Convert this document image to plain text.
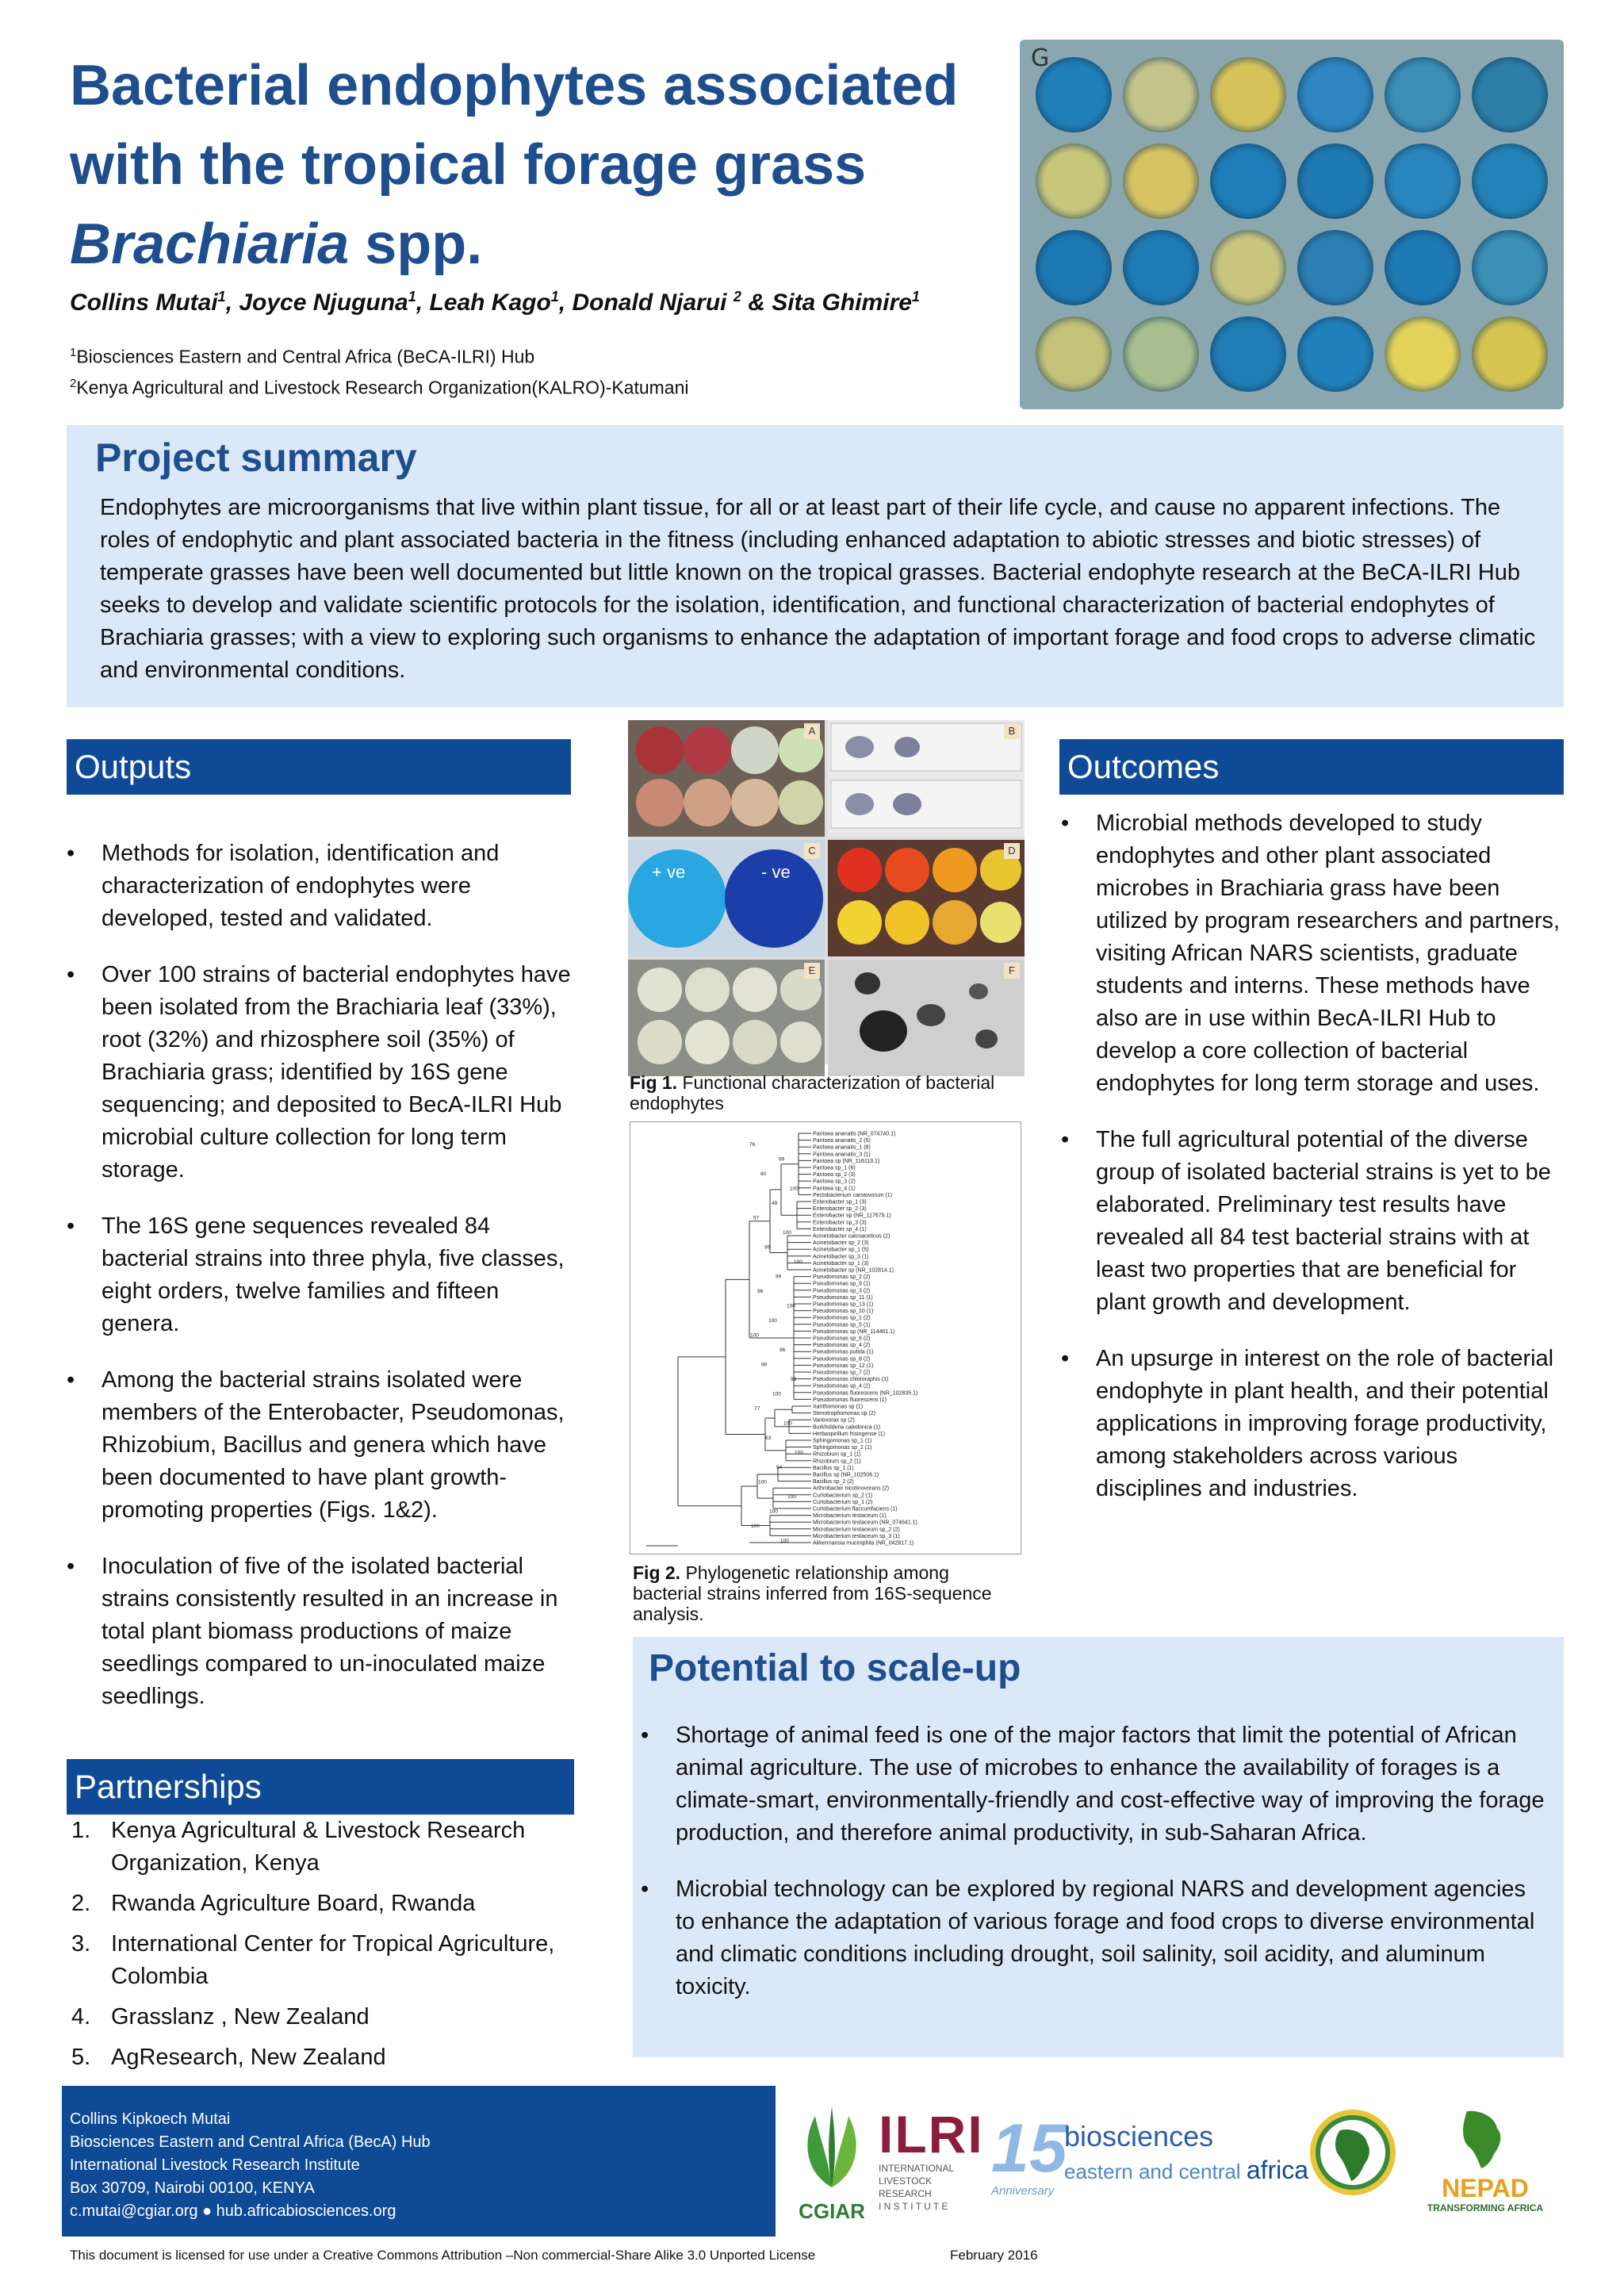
Bacterial endophytes associated
with the tropical forage grass
Brachiaria spp.
Collins Mutai$^1$, Joyce Njuguna$^1$, Leah Kago$^1$, Donald Njarui $^2$ & Sita Ghimire$^1$
$^1$Biosciences Eastern and Central Africa (BeCA-ILRI) Hub
$^2$Kenya Agricultural and Livestock Research Organization(KALRO)-Katumani
G
Project summary
Endophytes are microorganisms that live within plant tissue, for all or at least part of their life cycle, and cause no apparent infections. The roles of endophytic and plant associated bacteria in the fitness (including enhanced adaptation to abiotic stresses and biotic stresses) of temperate grasses have been well documented but little known on the tropical grasses. Bacterial endophyte research at the BeCA-ILRI Hub seeks to develop and validate scientific protocols for the isolation, identification, and functional characterization of bacterial endophytes of Brachiaria grasses; with a view to exploring such organisms to enhance the adaptation of important forage and food crops to adverse climatic and environmental conditions.
Outputs
• Methods for isolation, identification and characterization of endophytes were developed, tested and validated.
• Over 100 strains of bacterial endophytes have been isolated from the Brachiaria leaf (33%), root (32%) and rhizosphere soil (35%) of Brachiaria grass; identified by 16S gene sequencing; and deposited to BecA-ILRI Hub microbial culture collection for long term storage.
• The 16S gene sequences revealed 84 bacterial strains into three phyla, five classes, eight orders, twelve families and fifteen genera.
• Among the bacterial strains isolated were members of the Enterobacter, Pseudomonas, Rhizobium, Bacillus and genera which have been documented to have plant growth-promoting properties (Figs. 1&2).
• Inoculation of five of the isolated bacterial strains consistently resulted in an increase in total plant biomass productions of maize seedlings compared to un-inoculated maize seedlings.
Partnerships
1. Kenya Agricultural & Livestock Research Organization, Kenya
2. Rwanda Agriculture Board, Rwanda
3. International Center for Tropical Agriculture, Colombia
4. Grasslanz , New Zealand
5. AgResearch, New Zealand
A	B
+ ve	- ve
C	D
E	F
Fig 1. Functional characterization of bacterial endophytes
Pantoea ananatis (NR_074740.1)
Pantoea ananatis_2 (5)
Pantoea ananatis_1 (8)
Pantoea ananatis_3 (1)
Pantoea sp (NR_116113.1)
Pantoea sp_1 (6)
Pantoea sp_2 (3)
Pantoea sp_3 (2)
Pantoea sp_4 (1)
Pectobacterium carotovorum (1)
Enterobacter sp_1 (3)
Enterobacter sp_2 (3)
Enterobacter sp (NR_117679.1)
Enterobacter sp_3 (3)
Enterobacter sp_4 (1)
Acinetobacter calcoaceticus (2)
Acinetobacter sp_2 (3)
Acinetobacter sp_1 (5)
Acinetobacter sp_3 (1)
Acinetobacter sp_1 (3)
Acinetobacter sp (NR_102814.1)
Pseudomonas sp_2 (2)
Pseudomonas sp_9 (1)
Pseudomonas sp_3 (2)
Pseudomonas sp_11 (1)
Pseudomonas sp_13 (1)
Pseudomonas sp_10 (1)
Pseudomonas sp_1 (2)
Pseudomonas sp_5 (1)
Pseudomonas sp (NR_114461.1)
Pseudomonas sp_6 (2)
Pseudomonas sp_4 (2)
Pseudomonas putida (1)
Pseudomonas sp_8 (2)
Pseudomonas sp_12 (1)
Pseudomonas sp_7 (2)
Pseudomonas chlororaphis (1)
Pseudomonas sp_4 (2)
Pseudomonas fluorescens (NR_102835.1)
Pseudomonas fluorescens (1)
Xanthomonas sp (1)
Stenotrophomonas sp (2)
Variovorax sp (2)
Burkholderia caledonica (1)
Herbaspirillum frisingense (1)
Sphingomonas sp_1 (1)
Sphingomonas sp_2 (1)
Rhizobium sp_1 (1)
Rhizobium sp_2 (1)
Bacillus sp_1 (1)
Bacillus sp (NR_102506.1)
Bacillus sp_2 (2)
Arthrobacter nicotinovorans (2)
Curtobacterium sp_2 (1)
Curtobacterium sp_1 (2)
Curtobacterium flaccumfaciens (1)
Microbacterium testaceum (1)
Microbacterium testaceum (NR_074641.1)
Microbacterium testaceum sp_2 (2)
Microbacterium testaceum sp_3 (1)
Akkermansia muciniphila (NR_042817.1)
76
99
80
100
48
57
100
99
100
99
96
100
100
100
96
98
99
100
77
100
63
100
94
100
100
100
100
100
Fig 2. Phylogenetic relationship among bacterial strains inferred from 16S-sequence analysis.
Outcomes
• Microbial methods developed to study endophytes and other plant associated microbes in Brachiaria grass have been utilized by program researchers and partners, visiting African NARS scientists, graduate students and interns. These methods have also are in use within BecA-ILRI Hub to develop a core collection of bacterial endophytes for long term storage and uses.
• The full agricultural potential of the diverse group of isolated bacterial strains is yet to be elaborated. Preliminary test results have revealed all 84 test bacterial strains with at least two properties that are beneficial for plant growth and development.
• An upsurge in interest on the role of bacterial endophyte in plant health, and their potential applications in improving forage productivity, among stakeholders across various disciplines and industries.
Potential to scale-up
• Shortage of animal feed is one of the major factors that limit the potential of African animal agriculture. The use of microbes to enhance the availability of forages is a climate-smart, environmentally-friendly and cost-effective way of improving the forage production, and therefore animal productivity, in sub-Saharan Africa.
• Microbial technology can be explored by regional NARS and development agencies to enhance the adaptation of various forage and food crops to diverse environmental and climatic conditions including drought, soil salinity, soil acidity, and aluminum toxicity.
Collins Kipkoech Mutai
Biosciences Eastern and Central Africa (BecA) Hub
International Livestock Research Institute
Box 30709, Nairobi 00100, KENYA
c.mutai@cgiar.org ● hub.africabiosciences.org
This document is licensed for use under a Creative Commons Attribution –Non commercial-Share Alike 3.0 Unported License	February 2016
CGIAR
ILRI
INTERNATIONAL
LIVESTOCK RESEARCH
I N S T I T U T E
15
Anniversary
biosciences
eastern and central africa
NEPAD
TRANSFORMING AFRICA
